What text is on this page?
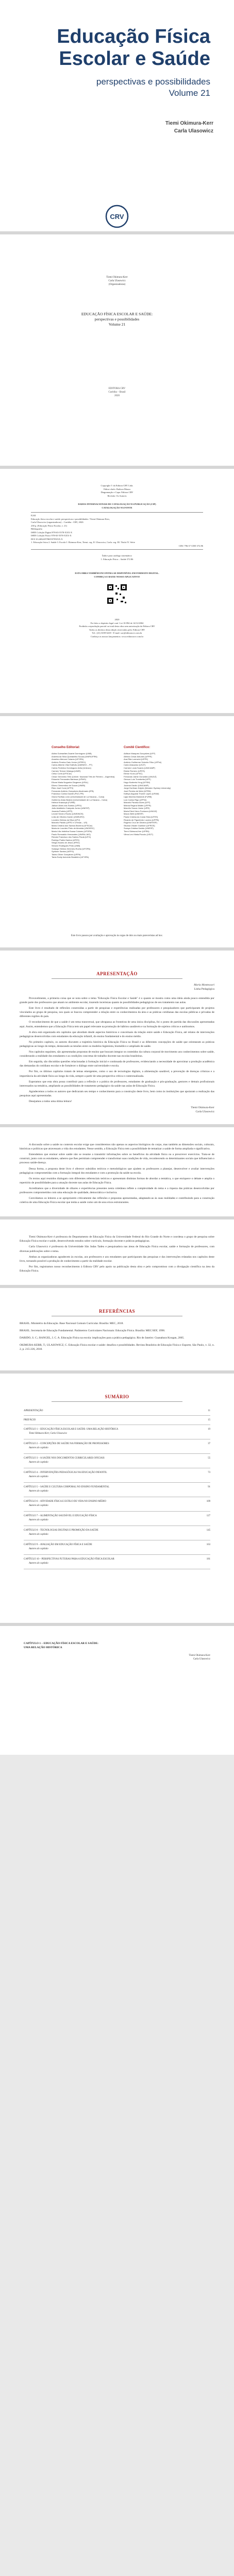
Educação Física
Escolar e Saúde
perspectivas e possibilidades
Volume 21
Tiemi Okimura-Kerr
Carla Ulasowicz
CRV
Tiemi Okimura-Kerr
Carla Ulasowicz
(Organizadoras)
EDUCAÇÃO FÍSICA ESCOLAR E SAÚDE:
perspectivas e possibilidades
Volume 21
EDITORA CRV
Curitiba – Brasil
2020
Copyright © da Editora CRV Ltda.
Editor-chefe: Railson Moura
Diagramação e Capa: Editora CRV
Revisão: Os Autores
DADOS INTERNACIONAIS DE CATALOGAÇÃO NA PUBLICAÇÃO (CIP)
CATALOGAÇÃO NA FONTE
E244
Educação física escolar e saúde: perspectivas e possibilidades / Tiemi Okimura-Kerr,
Carla Ulasowicz (organizadoras) – Curitiba : CRV, 2020.
238 p. (Educação Física Escolar, v. 21)
Bibliografia
ISBN Coleção Digital 978-65-5578-XXX-X
ISBN Coleção Físico 978-65-5578-XXX-X
DOI 10.24824/978655578XXX.X
1. Educação física 2. Saúde 3. Escola I. Okimura-Kerr, Tiemi. org. II. Ulasowicz, Carla. org. III. Título IV. Série
CDU 796:37 CDD 372.86
Índice para catálogo sistemático
1. Educação Física – Saúde 372.86
ESTA OBRA TAMBÉM ENCONTRA-SE DISPONÍVEL EM FORMATO DIGITAL.
CONHEÇA E BAIXE NOSSO APLICATIVO!
2020
Foi feito o depósito legal conf. Lei 10.994 de 14/12/2004
Proibida a reprodução parcial ou total desta obra sem autorização da Editora CRV
Todos os direitos desta edição reservados pela: Editora CRV
Tel.: (41) 3039-6418 - E-mail: sac@editoracrv.com.br
Conheça os nossos lançamentos: www.editoracrv.com.br
Conselho Editorial:	Comitê Científico:
Aldira Guimarães Duarte Domínguez (UNB)
Andréia da Silva Quintanilha Sousa (UNIR/UFRN)
Anselmo Alencar Colares (UFOPA)
Antônio Pereira Gaio Júnior (UFRRJ)
Carlos Alberto Vilar Estêvão (UMINHO – PT)
Carlos Federico Dominguez Avila (Unieuro)
Carmen Tereza Velanga (UNIR)
Celso Conti (UFSCar)
Cesar Gerónimo Tello (Univer. Nacional Três de Febrero – Argentina)
Eduardo Fernandes Barbosa (UFMG)
Elione Maria Nogueira Diogenes (UFAL)
Elizeu Clementino de Souza (UNEB)
Élsio José Corá (UFFS)
Fernando Antônio Gonçalves Alcoforado (IPB)
Francisco Carlos Duarte (PUC-PR)
Gloria Fariñas León (Universidade de La Havana – Cuba)
Guillermo Arias Beatón (Universidade de La Havana – Cuba)
Helmut Krawczyk (FURB)
Jailson Alves dos Santos (UFRJ)
João Adalberto Campato Junior (UNESP)
Josania Portela (UFPI)
Leonel Severo Rocha (UNISINOS)
Lídia de Oliveira Xavier (UNIEURO)
Lourdes Helena da Silva (UFV)
Marcelo Paixão (UFRJ e UTexas – US)
Maria Cristina dos Santos Bezerra (UFSCar)
Maria de Lourdes Pinto de Almeida (UNOESC)
Maria Lília Imbiriba Sousa Colares (UFOPA)
Paulo Romualdo Hernandes (UNIFAL-MG)
Renato Francisco dos Santos Paula (UFG)
Rodrigo Pratte-Santos (UFES)
Sérgio Nunes de Jesus (IFRO)
Simone Rodrigues Pinto (UNB)
Solange Helena Ximenes-Rocha (UFOPA)
Sydione Santos (UEPG)
Tadeu Oliver Gonçalves (UFPA)
Tania Suely Azevedo Brasileiro (UFOPA)
Adilson Marques Gonçalves (UFF)
Alfredo Cesar Antunes (UFPR)
Ana Rita Lorenzini (UFPE)
Antônio Guilherme Schmitz Filho (UFPel)
Carla Ulasowicz (USJT)
Carmen Lúcia Soares (UNICAMP)
Elaine Romero (UFES)
Elenor Kunz (UFSC)
Fernando Jaime González (UNIJUÍ)
Gerson Luís Trombetta (UPF)
Hugo Norberto Krug (UFSM)
Jocimar Daolio (UNICAMP)
Jorge Dorfman Knijnik (Western Sydney University)
José Pereira de Melo (UFRN)
Kathya Augusta Thomé Lopes (UFAM)
Ligia Moreira Mamede (FURB)
Luiz Carlos Rigo (UFPel)
Marcelo Paraíso Alves (UFF)
Márcia Regina Walter (UFPR)
Marcílio Souza Júnior (UPE)
Maria Eleni Henn Fontoura (UNIJUÍ)
Mauro Betti (UNESP)
Paula Cristina da Costa Silva (UFES)
Ricardo de Figueiredo Lucena (UFPB)
Rogério Cruz de Oliveira (UNIFESP)
Silvana Vilodre Goellner (UFRGS)
Suraya Cristina Darido (UNESP)
Tiemi Okimura-Kerr (UFRN)
Vilma Lení Nista-Piccolo (USJT)
Este livro passou por avaliação e aprovação às cegas de dois ou mais pareceristas ad hoc.
APRESENTAÇÃO
Maria Montessori
Linha Pedagógica
Provavelmente, a primeira coisa que se nota sobre o tema "Educação Física Escolar e Saúde" é o quanto se mostra como uma ideia ainda pouco entendida por grande parte dos professores que atuam no ambiente escolar, trazendo incertezas quanto às possibilidades pedagógicas de seu tratamento nas aulas.
Este livro é resultado de reflexões construídas a partir de pesquisas e experiências realizadas por professores e pesquisadores que participaram de projetos vinculados ao grupo de pesquisa, nos quais se buscou compreender a relação entre os conhecimentos da área e as práticas cotidianas das escolas públicas e privadas de diferentes regiões do país.
O reconhecimento de que a saúde é um tema transversal, que ultrapassa as fronteiras de uma única disciplina, foi o ponto de partida das discussões apresentadas aqui. Assim, entendemos que a Educação Física tem um papel relevante na promoção de hábitos saudáveis e na formação de sujeitos críticos e autônomos.
A obra está organizada em capítulos que abordam desde aspectos históricos e conceituais da relação entre saúde e Educação Física, até relatos de intervenções pedagógicas desenvolvidas com estudantes da educação infantil, do ensino fundamental e do ensino médio.
No primeiro capítulo, os autores discutem a trajetória histórica da Educação Física no Brasil e as diferentes concepções de saúde que orientaram as práticas pedagógicas ao longo do tempo, destacando as tensões entre os modelos higienista, biomédico e ampliado de saúde.
Nos capítulos seguintes, são apresentadas propostas de ensino que buscam integrar os conteúdos da cultura corporal de movimento aos conhecimentos sobre saúde, considerando a realidade dos estudantes e as condições concretas de trabalho docente nas escolas brasileiras.
Em seguida, são discutidas questões relacionadas à formação inicial e continuada de professores, evidenciando a necessidade de aproximar a produção acadêmica das demandas do cotidiano escolar e de fortalecer o diálogo entre universidade e escola.
Por fim, os últimos capítulos tratam de temas emergentes, como o uso de tecnologias digitais, a alimentação saudável, a prevenção de doenças crônicas e a importância da atividade física ao longo da vida, sempre a partir de uma perspectiva crítica e contextualizada.
Esperamos que esta obra possa contribuir para a reflexão e a prática de professores, estudantes de graduação e pós-graduação, gestores e demais profissionais interessados na temática, ampliando as possibilidades de tratamento pedagógico da saúde nas aulas de Educação Física.
Agradecemos a todos os autores que dedicaram seu tempo e conhecimento para a construção deste livro, bem como às instituições que apoiaram a realização das pesquisas aqui apresentadas.
Desejamos a todos uma ótima leitura!
Tiemi Okimura-Kerr
Carla Ulasowicz
A discussão sobre a saúde no contexto escolar exige que consideremos não apenas os aspectos biológicos do corpo, mas também as dimensões sociais, culturais, históricas e políticas que atravessam a vida dos estudantes. Nesse sentido, a Educação Física tem a possibilidade de tematizar a saúde de forma ampliada e significativa.
Entendemos que ensinar sobre saúde não se resume a transmitir informações sobre os benefícios da atividade física ou a prescrever exercícios. Trata-se de construir, junto com os estudantes, saberes que lhes permitam compreender e transformar suas condições de vida, reconhecendo os determinantes sociais que influenciam o processo saúde-doença.
Dessa forma, a proposta deste livro é oferecer subsídios teóricos e metodológicos que ajudem os professores a planejar, desenvolver e avaliar intervenções pedagógicas comprometidas com a formação integral dos estudantes e com a promoção da saúde na escola.
Os textos aqui reunidos dialogam com diferentes referenciais teóricos e apresentam distintas formas de abordar a temática, o que enriquece o debate e amplia o repertório de possibilidades para a atuação docente nas aulas de Educação Física.
Acreditamos que a diversidade de olhares e experiências presentes nesta coletânea reflete a complexidade do tema e a riqueza das práticas desenvolvidas por professores comprometidos com uma educação de qualidade, democrática e inclusiva.
Convidamos os leitores a se apropriarem criticamente das reflexões e propostas apresentadas, adaptando-as às suas realidades e contribuindo para a construção coletiva de uma Educação Física escolar que tenha a saúde como um de seus eixos estruturantes.
Tiemi Okimura-Kerr é professora do Departamento de Educação Física da Universidade Federal do Rio Grande do Norte e coordena o grupo de pesquisa sobre Educação Física escolar e saúde, desenvolvendo estudos sobre currículo, formação docente e práticas pedagógicas.
Carla Ulasowicz é professora da Universidade São Judas Tadeu e pesquisadora nas áreas de Educação Física escolar, saúde e formação de professores, com diversas publicações sobre o tema.
Ambas as organizadoras agradecem às escolas, aos professores e aos estudantes que participaram das pesquisas e das intervenções relatadas nos capítulos deste livro, tornando possível a produção de conhecimento a partir da realidade escolar.
Por fim, registramos nosso reconhecimento à Editora CRV pelo apoio na publicação desta obra e pelo compromisso com a divulgação científica na área da Educação Física.
REFERÊNCIAS
BRASIL. Ministério da Educação. Base Nacional Comum Curricular. Brasília: MEC, 2018.
BRASIL. Secretaria de Educação Fundamental. Parâmetros Curriculares Nacionais: Educação Física. Brasília: MEC/SEF, 1998.
DARIDO, S. C.; RANGEL, I. C. A. Educação Física na escola: implicações para a prática pedagógica. Rio de Janeiro: Guanabara Koogan, 2005.
OKIMURA-KERR, T.; ULASOWICZ, C. Educação Física escolar e saúde: desafios e possibilidades. Revista Brasileira de Educação Física e Esporte, São Paulo, v. 32, n. 2, p. 215-226, 2018.
SUMÁRIO
APRESENTAÇÃO	11
PREFÁCIO	15
CAPÍTULO 1 – EDUCAÇÃO FÍSICA ESCOLAR E SAÚDE: UMA RELAÇÃO HISTÓRICA	19
Tiemi Okimura-Kerr, Carla Ulasowicz
CAPÍTULO 2 – CONCEPÇÕES DE SAÚDE NA FORMAÇÃO DE PROFESSORES	37
Autores do capítulo
CAPÍTULO 3 – A SAÚDE NOS DOCUMENTOS CURRICULARES OFICIAIS	55
Autores do capítulo
CAPÍTULO 4 – INTERVENÇÕES PEDAGÓGICAS NA EDUCAÇÃO INFANTIL	73
Autores do capítulo
CAPÍTULO 5 – SAÚDE E CULTURA CORPORAL NO ENSINO FUNDAMENTAL	91
Autores do capítulo
CAPÍTULO 6 – ATIVIDADE FÍSICA E ESTILO DE VIDA NO ENSINO MÉDIO	109
Autores do capítulo
CAPÍTULO 7 – ALIMENTAÇÃO SAUDÁVEL E EDUCAÇÃO FÍSICA	127
Autores do capítulo
CAPÍTULO 8 – TECNOLOGIAS DIGITAIS E PROMOÇÃO DA SAÚDE	145
Autores do capítulo
CAPÍTULO 9 – AVALIAÇÃO EM EDUCAÇÃO FÍSICA E SAÚDE	163
Autores do capítulo
CAPÍTULO 10 – PERSPECTIVAS FUTURAS PARA A EDUCAÇÃO FÍSICA ESCOLAR	181
Autores do capítulo
CAPÍTULO 1 – EDUCAÇÃO FÍSICA ESCOLAR E SAÚDE:
UMA RELAÇÃO HISTÓRICA
Tiemi Okimura-Kerr
Carla Ulasowicz
